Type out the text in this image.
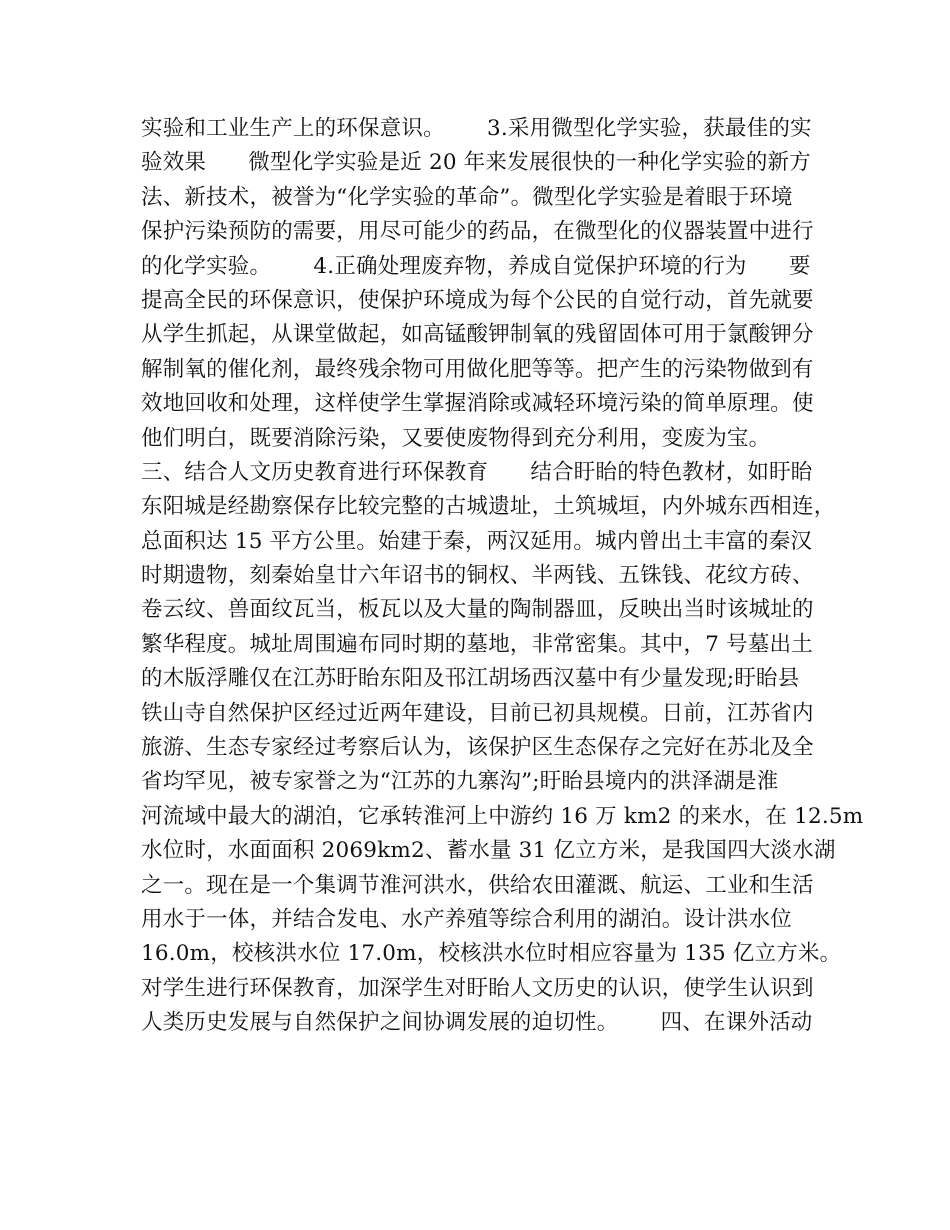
实验和工业生产上的环保意识。      3.采用微型化学实验，获最佳的实
验效果      微型化学实验是近 20 年来发展很快的一种化学实验的新方
法、新技术，被誉为“化学实验的革命”。微型化学实验是着眼于环境
保护污染预防的需要，用尽可能少的药品，在微型化的仪器装置中进行
的化学实验。      4.正确处理废弃物，养成自觉保护环境的行为      要
提高全民的环保意识，使保护环境成为每个公民的自觉行动，首先就要
从学生抓起，从课堂做起，如高锰酸钾制氧的残留固体可用于氯酸钾分
解制氧的催化剂，最终残余物可用做化肥等等。把产生的污染物做到有
效地回收和处理，这样使学生掌握消除或减轻环境污染的简单原理。使
他们明白，既要消除污染，又要使废物得到充分利用，变废为宝。
三、结合人文历史教育进行环保教育      结合盱眙的特色教材，如盱眙
东阳城是经勘察保存比较完整的古城遗址，土筑城垣，内外城东西相连，
总面积达 15 平方公里。始建于秦，两汉延用。城内曾出土丰富的秦汉
时期遗物，刻秦始皇廿六年诏书的铜权、半两钱、五铢钱、花纹方砖、
卷云纹、兽面纹瓦当，板瓦以及大量的陶制器皿，反映出当时该城址的
繁华程度。城址周围遍布同时期的墓地，非常密集。其中，7 号墓出土
的木版浮雕仅在江苏盱眙东阳及邗江胡场西汉墓中有少量发现;盱眙县
铁山寺自然保护区经过近两年建设，目前已初具规模。日前，江苏省内
旅游、生态专家经过考察后认为，该保护区生态保存之完好在苏北及全
省均罕见，被专家誉之为“江苏的九寨沟”;盱眙县境内的洪泽湖是淮
河流域中最大的湖泊，它承转淮河上中游约 16 万 km2 的来水，在 12.5m
水位时，水面面积 2069km2、蓄水量 31 亿立方米，是我国四大淡水湖
之一。现在是一个集调节淮河洪水，供给农田灌溉、航运、工业和生活
用水于一体，并结合发电、水产养殖等综合利用的湖泊。设计洪水位
16.0m，校核洪水位 17.0m，校核洪水位时相应容量为 135 亿立方米。
对学生进行环保教育，加深学生对盱眙人文历史的认识，使学生认识到
人类历史发展与自然保护之间协调发展的迫切性。      四、在课外活动
